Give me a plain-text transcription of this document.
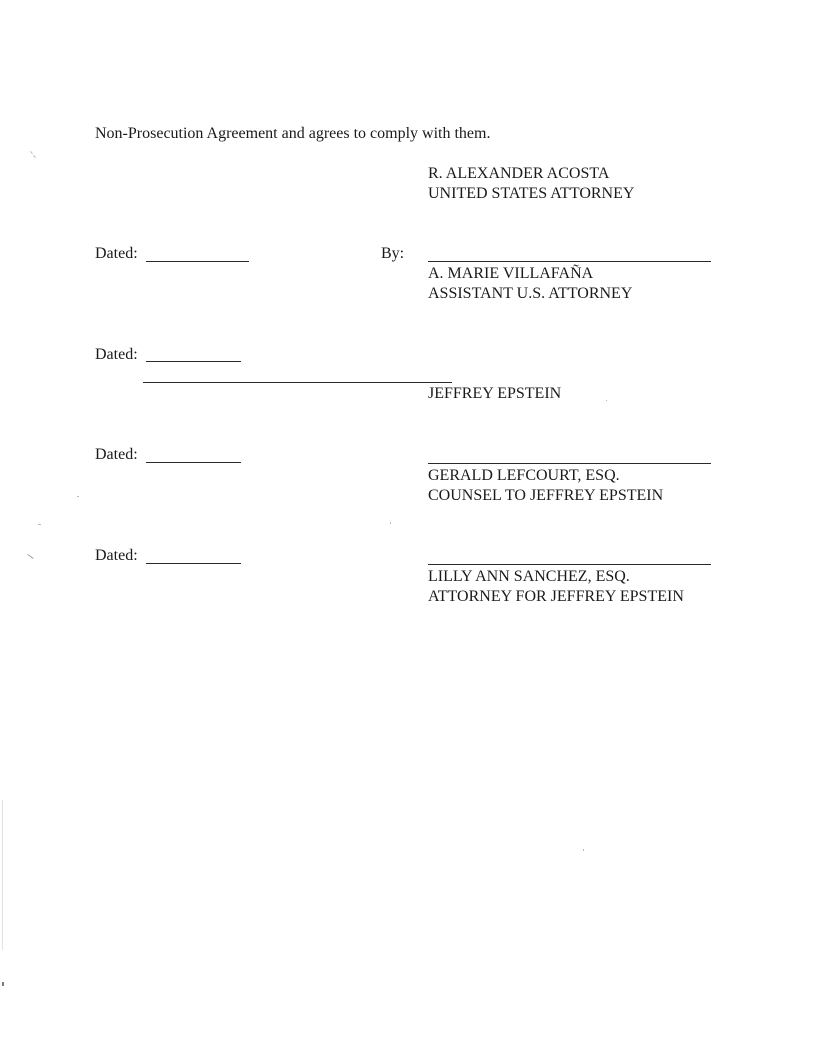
Non-Prosecution Agreement and agrees to comply with them.
R. ALEXANDER ACOSTA
UNITED STATES ATTORNEY
Dated:	By:
A. MARIE VILLAFAÑA
ASSISTANT U.S. ATTORNEY
Dated:
JEFFREY EPSTEIN
Dated:
GERALD LEFCOURT, ESQ.
COUNSEL TO JEFFREY EPSTEIN
Dated:
LILLY ANN SANCHEZ, ESQ.
ATTORNEY FOR JEFFREY EPSTEIN
